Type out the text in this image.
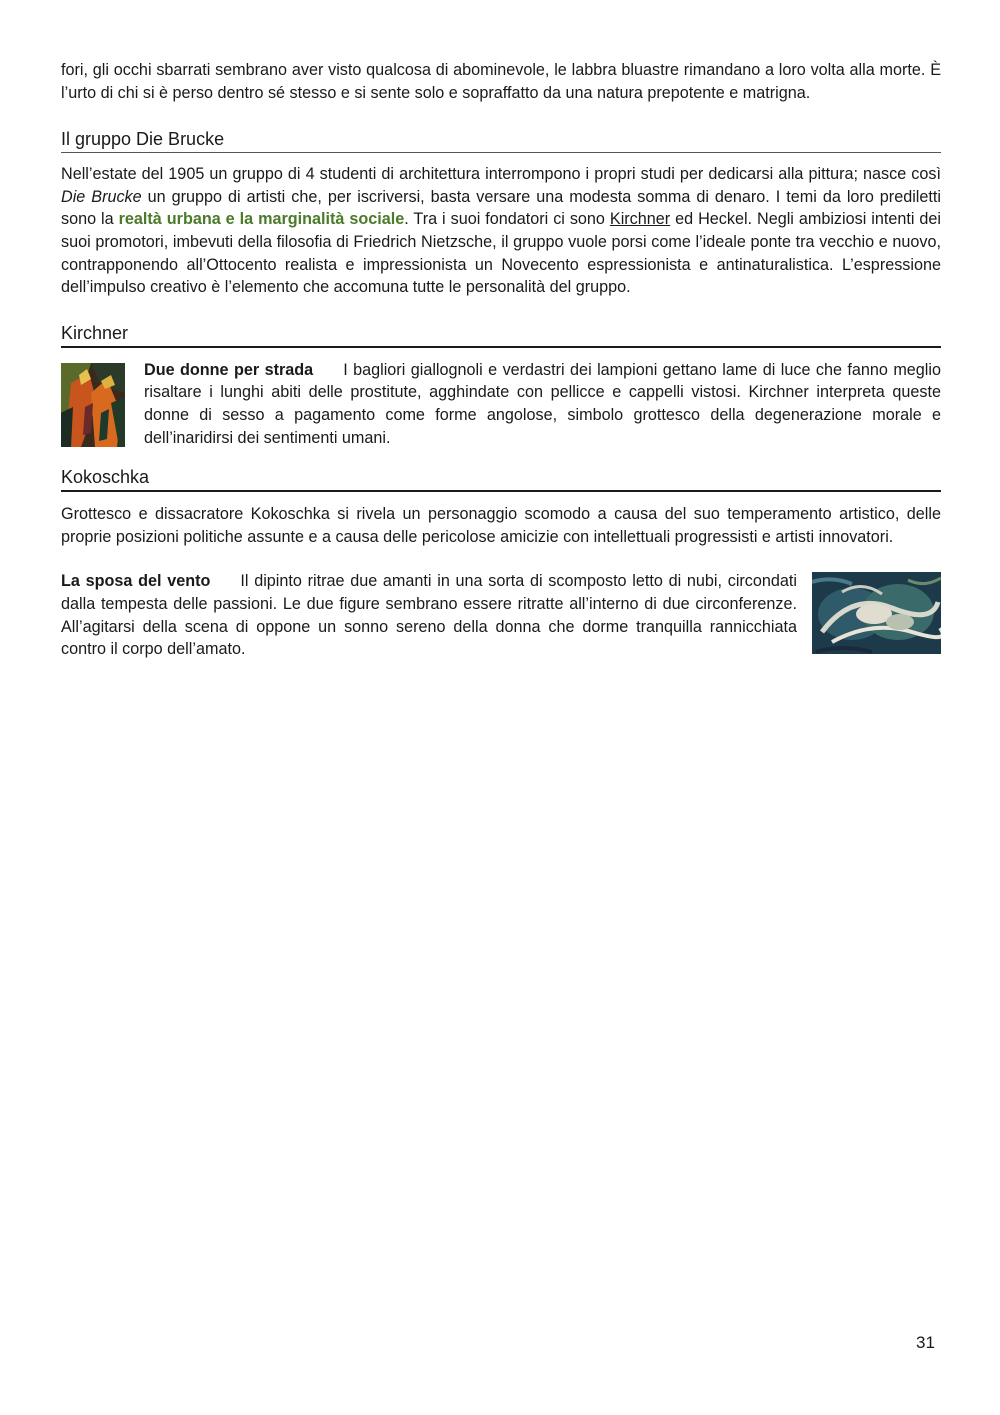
fori, gli occhi sbarrati sembrano aver visto qualcosa di abominevole, le labbra bluastre rimandano a loro volta alla morte. È l’urto di chi si è perso dentro sé stesso e si sente solo e sopraffatto da una natura prepotente e matrigna.

Il gruppo Die Brucke

Nell’estate del 1905 un gruppo di 4 studenti di architettura interrompono i propri studi per dedicarsi alla pittura; nasce così Die Brucke un gruppo di artisti che, per iscriversi, basta versare una modesta somma di denaro. I temi da loro prediletti sono la realtà urbana e la marginalità sociale. Tra i suoi fondatori ci sono Kirchner ed Heckel. Negli ambiziosi intenti dei suoi promotori, imbevuti della filosofia di Friedrich Nietzsche, il gruppo vuole porsi come l’ideale ponte tra vecchio e nuovo, contrapponendo all’Ottocento realista e impressionista un Novecento espressionista e antinaturalistica. L’espressione dell’impulso creativo è l’elemento che accomuna tutte le personalità del gruppo.

Kirchner

Due donne per strada I bagliori giallognoli e verdastri dei lampioni gettano lame di luce che fanno meglio risaltare i lunghi abiti delle prostitute, agghindate con pellicce e cappelli vistosi. Kirchner interpreta queste donne di sesso a pagamento come forme angolose, simbolo grottesco della degenerazione morale e dell’inaridirsi dei sentimenti umani.

Kokoschka

Grottesco e dissacratore Kokoschka si rivela un personaggio scomodo a causa del suo temperamento artistico, delle proprie posizioni politiche assunte e a causa delle pericolose amicizie con intellettuali progressisti e artisti innovatori.

La sposa del vento Il dipinto ritrae due amanti in una sorta di scomposto letto di nubi, circondati dalla tempesta delle passioni. Le due figure sembrano essere ritratte all’interno di due circonferenze. All’agitarsi della scena di oppone un sonno sereno della donna che dorme tranquilla rannicchiata contro il corpo dell’amato.

31
